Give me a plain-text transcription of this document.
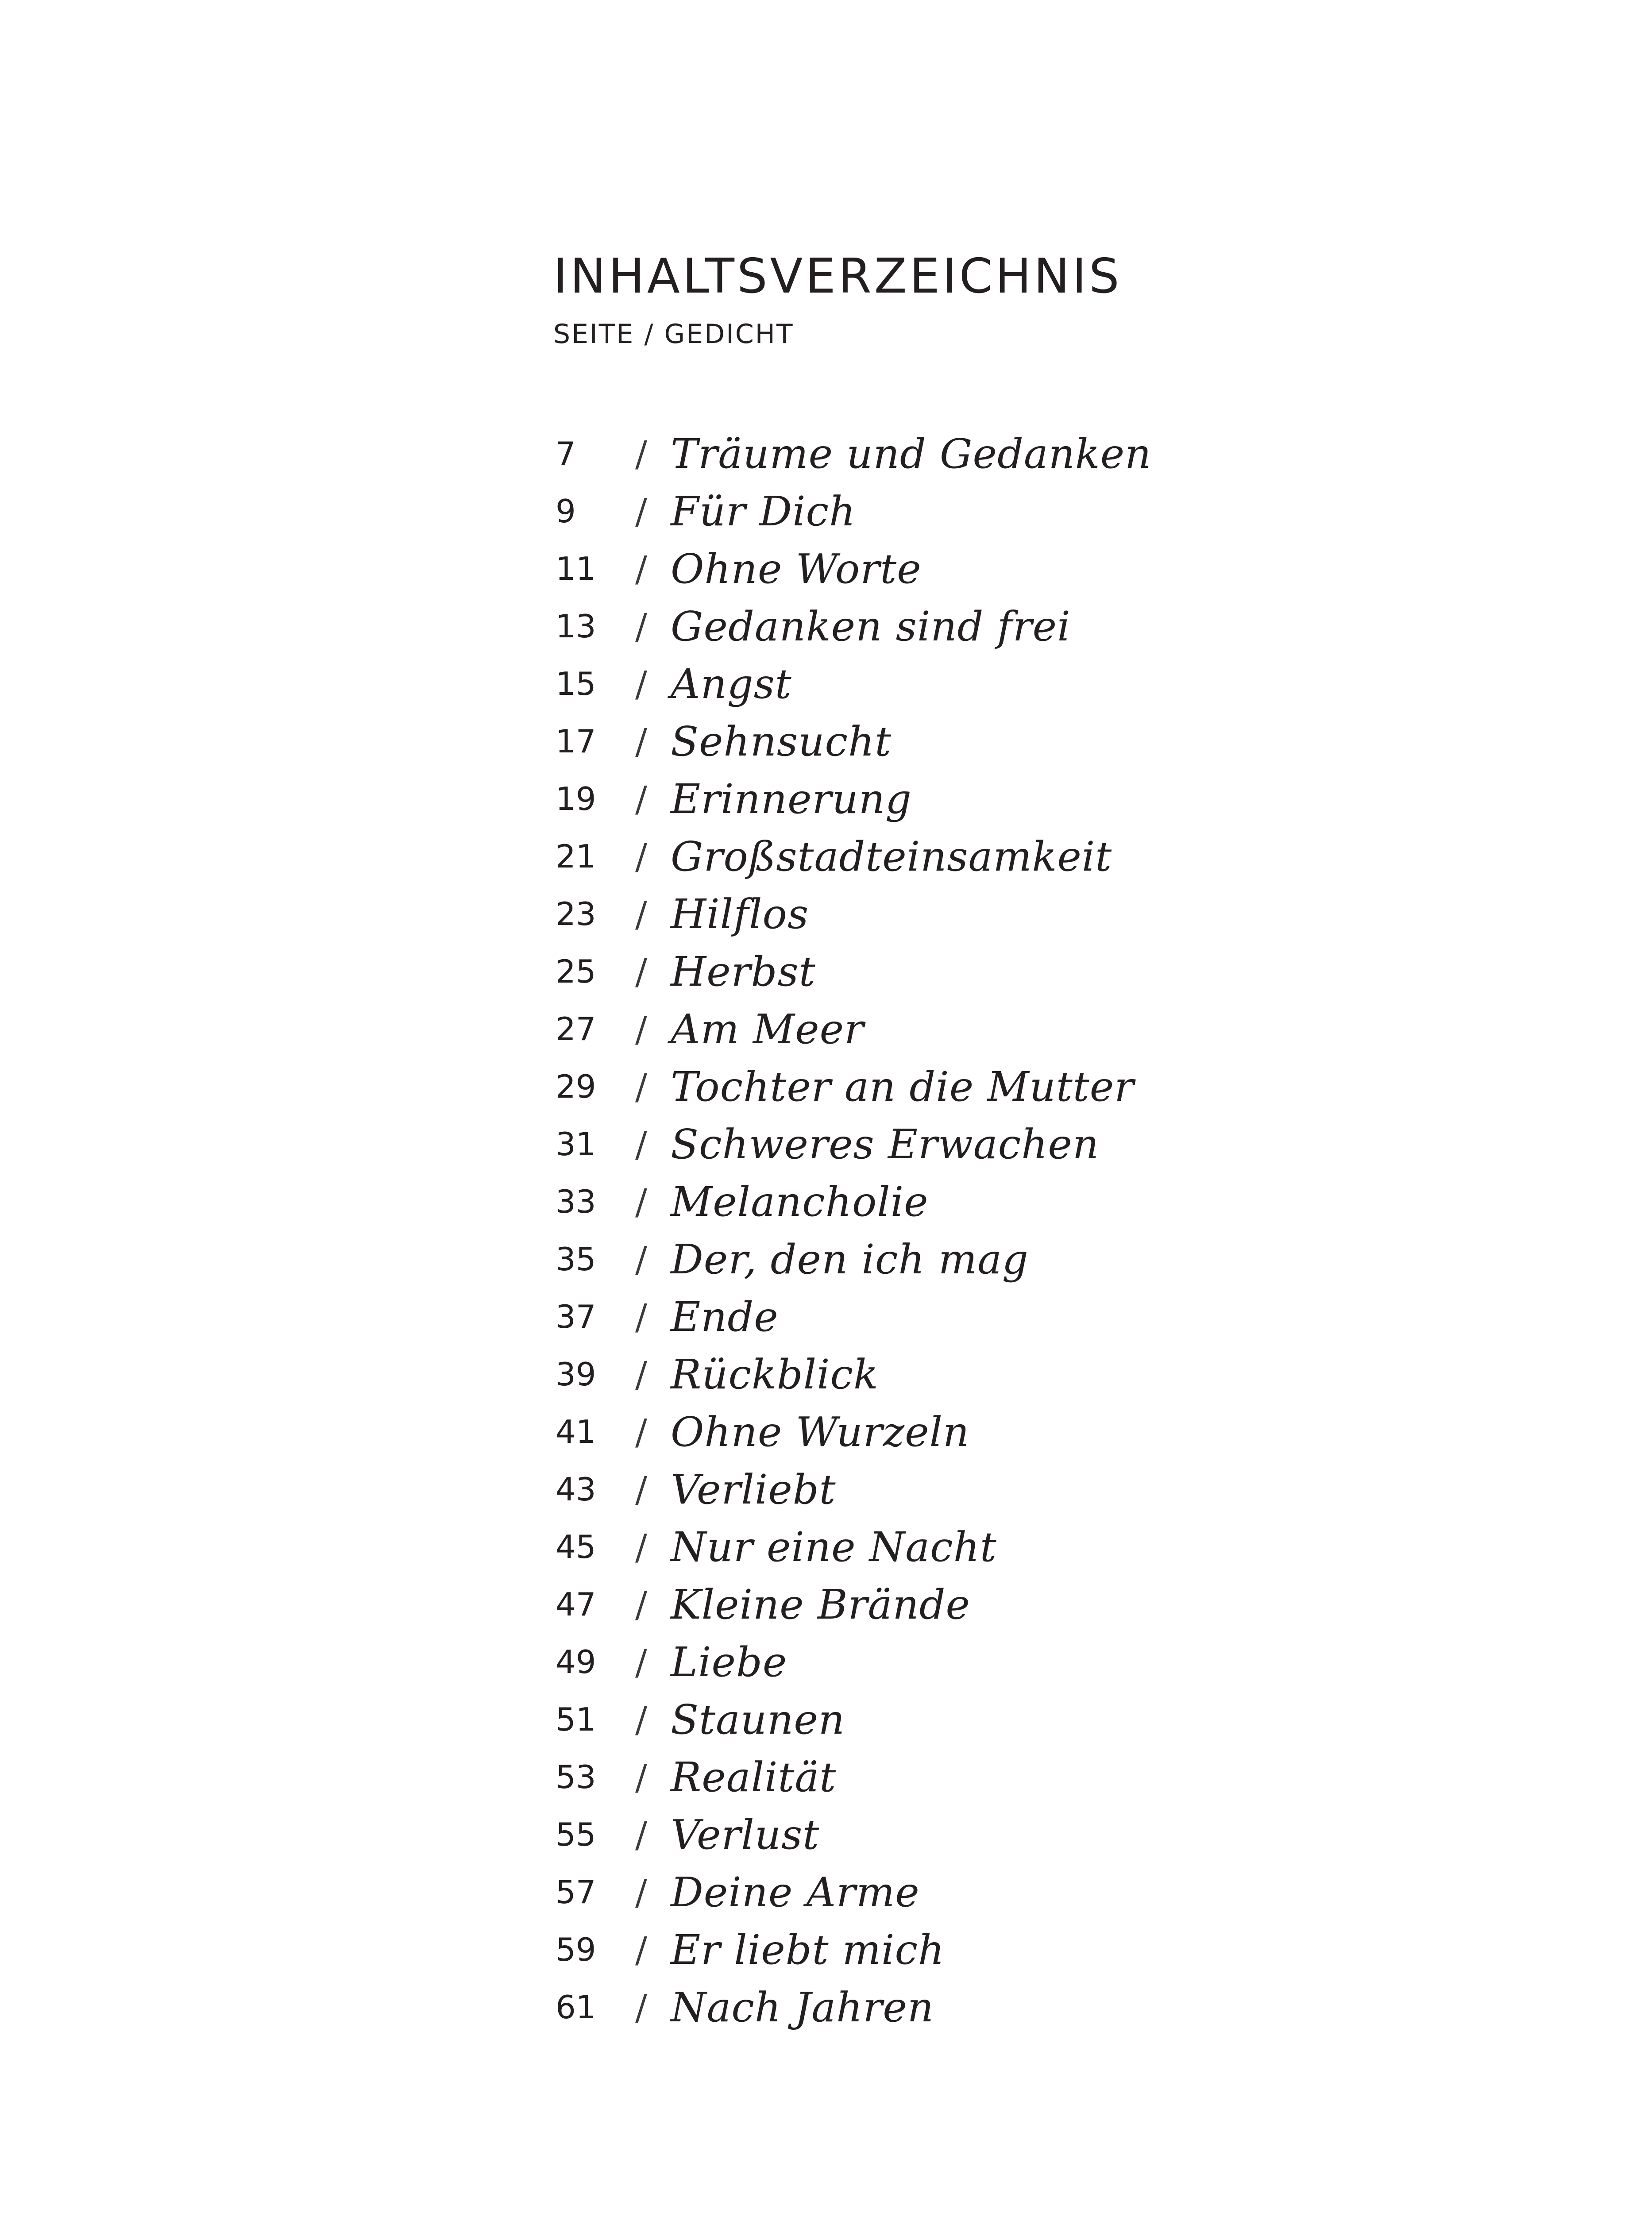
INHALTSVERZEICHNIS
SEITE / GEDICHT
7	/ Träume und Gedanken
9	/ Für Dich
11	/ Ohne Worte
13	/ Gedanken sind frei
15	/ Angst
17	/ Sehnsucht
19	/ Erinnerung
21	/ Großstadteinsamkeit
23	/ Hilflos
25	/ Herbst
27	/ Am Meer
29	/ Tochter an die Mutter
31	/ Schweres Erwachen
33	/ Melancholie
35	/ Der, den ich mag
37	/ Ende
39	/ Rückblick
41	/ Ohne Wurzeln
43	/ Verliebt
45	/ Nur eine Nacht
47	/ Kleine Brände
49	/ Liebe
51	/ Staunen
53	/ Realität
55	/ Verlust
57	/ Deine Arme
59	/ Er liebt mich
61	/ Nach Jahren
